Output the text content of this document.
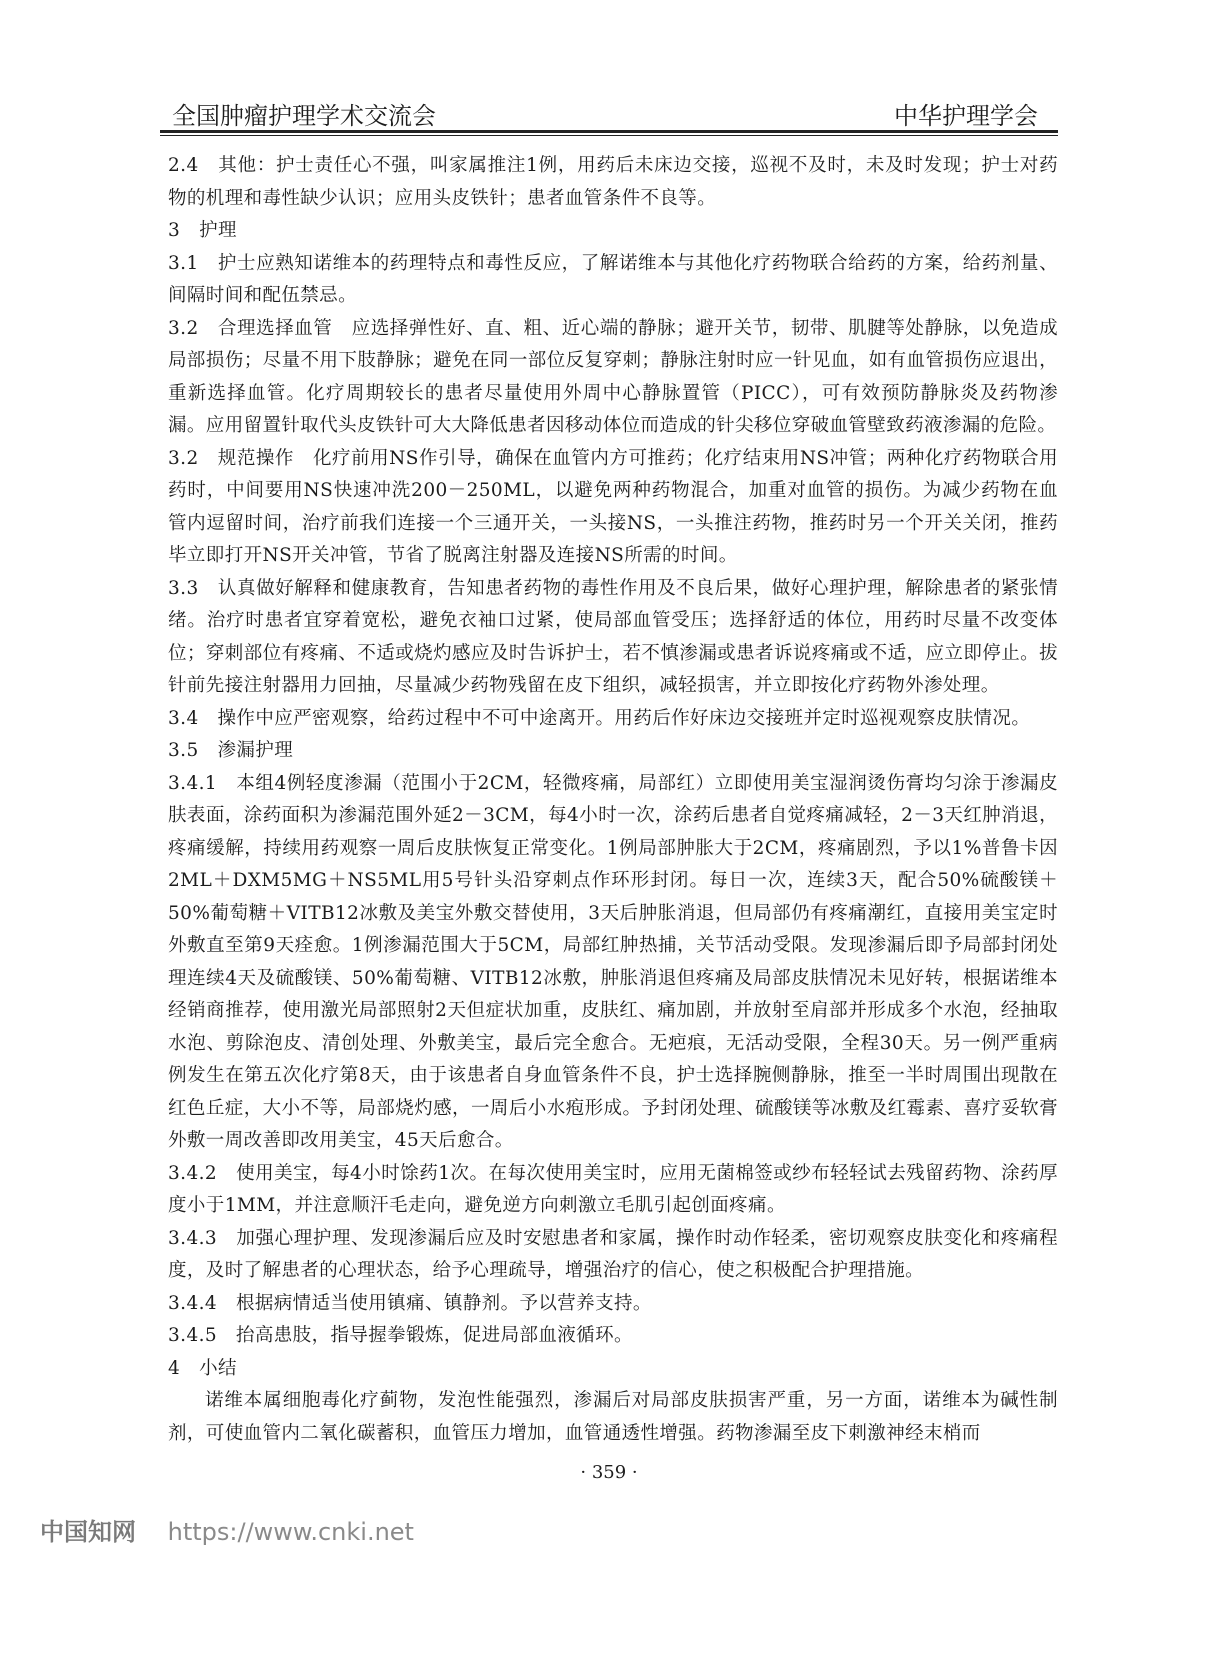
全国肿瘤护理学术交流会	中华护理学会

2.4　其他：护士责任心不强，叫家属推注1例，用药后未床边交接，巡视不及时，未及时发现；护士对药物的机理和毒性缺少认识；应用头皮铁针；患者血管条件不良等。

3　护理

3.1　护士应熟知诺维本的药理特点和毒性反应，了解诺维本与其他化疗药物联合给药的方案，给药剂量、间隔时间和配伍禁忌。

3.2　合理选择血管　应选择弹性好、直、粗、近心端的静脉；避开关节，韧带、肌腱等处静脉，以免造成局部损伤；尽量不用下肢静脉；避免在同一部位反复穿刺；静脉注射时应一针见血，如有血管损伤应退出，重新选择血管。化疗周期较长的患者尽量使用外周中心静脉置管（PICC），可有效预防静脉炎及药物渗漏。应用留置针取代头皮铁针可大大降低患者因移动体位而造成的针尖移位穿破血管壁致药液渗漏的危险。

3.2　规范操作　化疗前用NS作引导，确保在血管内方可推药；化疗结束用NS冲管；两种化疗药物联合用药时，中间要用NS快速冲洗200－250ML，以避免两种药物混合，加重对血管的损伤。为减少药物在血管内逗留时间，治疗前我们连接一个三通开关，一头接NS，一头推注药物，推药时另一个开关关闭，推药毕立即打开NS开关冲管，节省了脱离注射器及连接NS所需的时间。

3.3　认真做好解释和健康教育，告知患者药物的毒性作用及不良后果，做好心理护理，解除患者的紧张情绪。治疗时患者宜穿着宽松，避免衣袖口过紧，使局部血管受压；选择舒适的体位，用药时尽量不改变体位；穿刺部位有疼痛、不适或烧灼感应及时告诉护士，若不慎渗漏或患者诉说疼痛或不适，应立即停止。拔针前先接注射器用力回抽，尽量减少药物残留在皮下组织，减轻损害，并立即按化疗药物外渗处理。

3.4　操作中应严密观察，给药过程中不可中途离开。用药后作好床边交接班并定时巡视观察皮肤情况。

3.5　渗漏护理

3.4.1　本组4例轻度渗漏（范围小于2CM，轻微疼痛，局部红）立即使用美宝湿润烫伤膏均匀涂于渗漏皮肤表面，涂药面积为渗漏范围外延2－3CM，每4小时一次，涂药后患者自觉疼痛减轻，2－3天红肿消退，疼痛缓解，持续用药观察一周后皮肤恢复正常变化。1例局部肿胀大于2CM，疼痛剧烈，予以1%普鲁卡因2ML＋DXM5MG＋NS5ML用5号针头沿穿刺点作环形封闭。每日一次，连续3天，配合50%硫酸镁＋50%葡萄糖＋VITB12冰敷及美宝外敷交替使用，3天后肿胀消退，但局部仍有疼痛潮红，直接用美宝定时外敷直至第9天痊愈。1例渗漏范围大于5CM，局部红肿热捕，关节活动受限。发现渗漏后即予局部封闭处理连续4天及硫酸镁、50%葡萄糖、VITB12冰敷，肿胀消退但疼痛及局部皮肤情况未见好转，根据诺维本经销商推荐，使用激光局部照射2天但症状加重，皮肤红、痛加剧，并放射至肩部并形成多个水泡，经抽取水泡、剪除泡皮、清创处理、外敷美宝，最后完全愈合。无疤痕，无活动受限，全程30天。另一例严重病例发生在第五次化疗第8天，由于该患者自身血管条件不良，护士选择腕侧静脉，推至一半时周围出现散在红色丘症，大小不等，局部烧灼感，一周后小水疱形成。予封闭处理、硫酸镁等冰敷及红霉素、喜疗妥软膏外敷一周改善即改用美宝，45天后愈合。

3.4.2　使用美宝，每4小时馀药1次。在每次使用美宝时，应用无菌棉签或纱布轻轻试去残留药物、涂药厚度小于1MM，并注意顺汗毛走向，避免逆方向刺激立毛肌引起创面疼痛。

3.4.3　加强心理护理、发现渗漏后应及时安慰患者和家属，操作时动作轻柔，密切观察皮肤变化和疼痛程度，及时了解患者的心理状态，给予心理疏导，增强治疗的信心，使之积极配合护理措施。

3.4.4　根据病情适当使用镇痛、镇静剂。予以营养支持。

3.4.5　抬高患肢，指导握拳锻炼，促进局部血液循环。

4　小结

诺维本属细胞毒化疗蓟物，发泡性能强烈，渗漏后对局部皮肤损害严重，另一方面，诺维本为碱性制剂，可使血管内二氧化碳蓄积，血管压力增加，血管通透性增强。药物渗漏至皮下刺激神经末梢而

· 359 ·
中国知网 https://www.cnki.net
